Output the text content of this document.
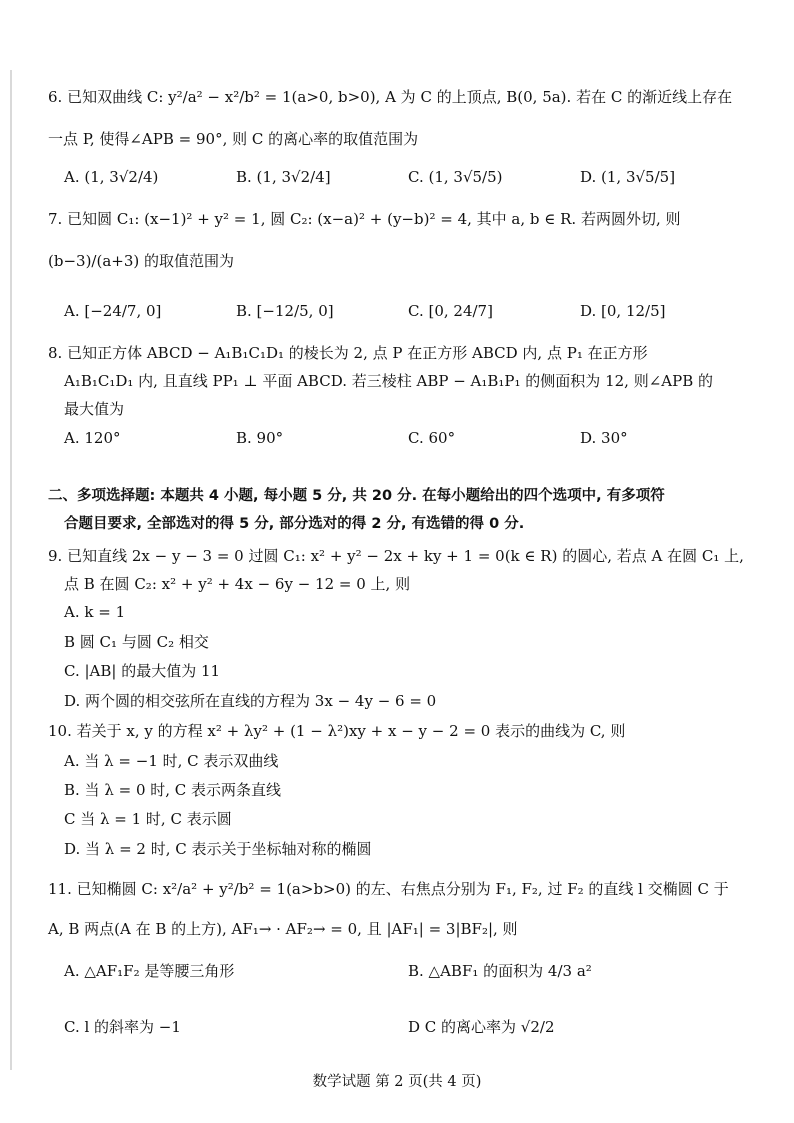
6. 已知双曲线 C: y²/a² − x²/b² = 1(a>0, b>0), A 为 C 的上顶点, B(0, 5a). 若在 C 的渐近线上存在
一点 P, 使得∠APB = 90°, 则 C 的离心率的取值范围为
A. (1, 3√2/4)	B. (1, 3√2/4]	C. (1, 3√5/5)	D. (1, 3√5/5]
7. 已知圆 C₁: (x−1)² + y² = 1, 圆 C₂: (x−a)² + (y−b)² = 4, 其中 a, b ∈ R. 若两圆外切, 则
(b−3)/(a+3) 的取值范围为
A. [−24/7, 0]	B. [−12/5, 0]	C. [0, 24/7]	D. [0, 12/5]
8. 已知正方体 ABCD − A₁B₁C₁D₁ 的棱长为 2, 点 P 在正方形 ABCD 内, 点 P₁ 在正方形
A₁B₁C₁D₁ 内, 且直线 PP₁ ⊥ 平面 ABCD. 若三棱柱 ABP − A₁B₁P₁ 的侧面积为 12, 则∠APB 的
最大值为
A. 120°	B. 90°	C. 60°	D. 30°
二、多项选择题: 本题共 4 小题, 每小题 5 分, 共 20 分. 在每小题给出的四个选项中, 有多项符
合题目要求, 全部选对的得 5 分, 部分选对的得 2 分, 有选错的得 0 分.
9. 已知直线 2x − y − 3 = 0 过圆 C₁: x² + y² − 2x + ky + 1 = 0(k ∈ R) 的圆心, 若点 A 在圆 C₁ 上,
点 B 在圆 C₂: x² + y² + 4x − 6y − 12 = 0 上, 则
A. k = 1
B 圆 C₁ 与圆 C₂ 相交
C. |AB| 的最大值为 11
D. 两个圆的相交弦所在直线的方程为 3x − 4y − 6 = 0
10. 若关于 x, y 的方程 x² + λy² + (1 − λ²)xy + x − y − 2 = 0 表示的曲线为 C, 则
A. 当 λ = −1 时, C 表示双曲线
B. 当 λ = 0 时, C 表示两条直线
C 当 λ = 1 时, C 表示圆
D. 当 λ = 2 时, C 表示关于坐标轴对称的椭圆
11. 已知椭圆 C: x²/a² + y²/b² = 1(a>b>0) 的左、右焦点分别为 F₁, F₂, 过 F₂ 的直线 l 交椭圆 C 于
A, B 两点(A 在 B 的上方), AF₁→ · AF₂→ = 0, 且 |AF₁| = 3|BF₂|, 则
A. △AF₁F₂ 是等腰三角形	B. △ABF₁ 的面积为 4/3 a²
C. l 的斜率为 −1	D C 的离心率为 √2/2
数学试题 第 2 页(共 4 页)
